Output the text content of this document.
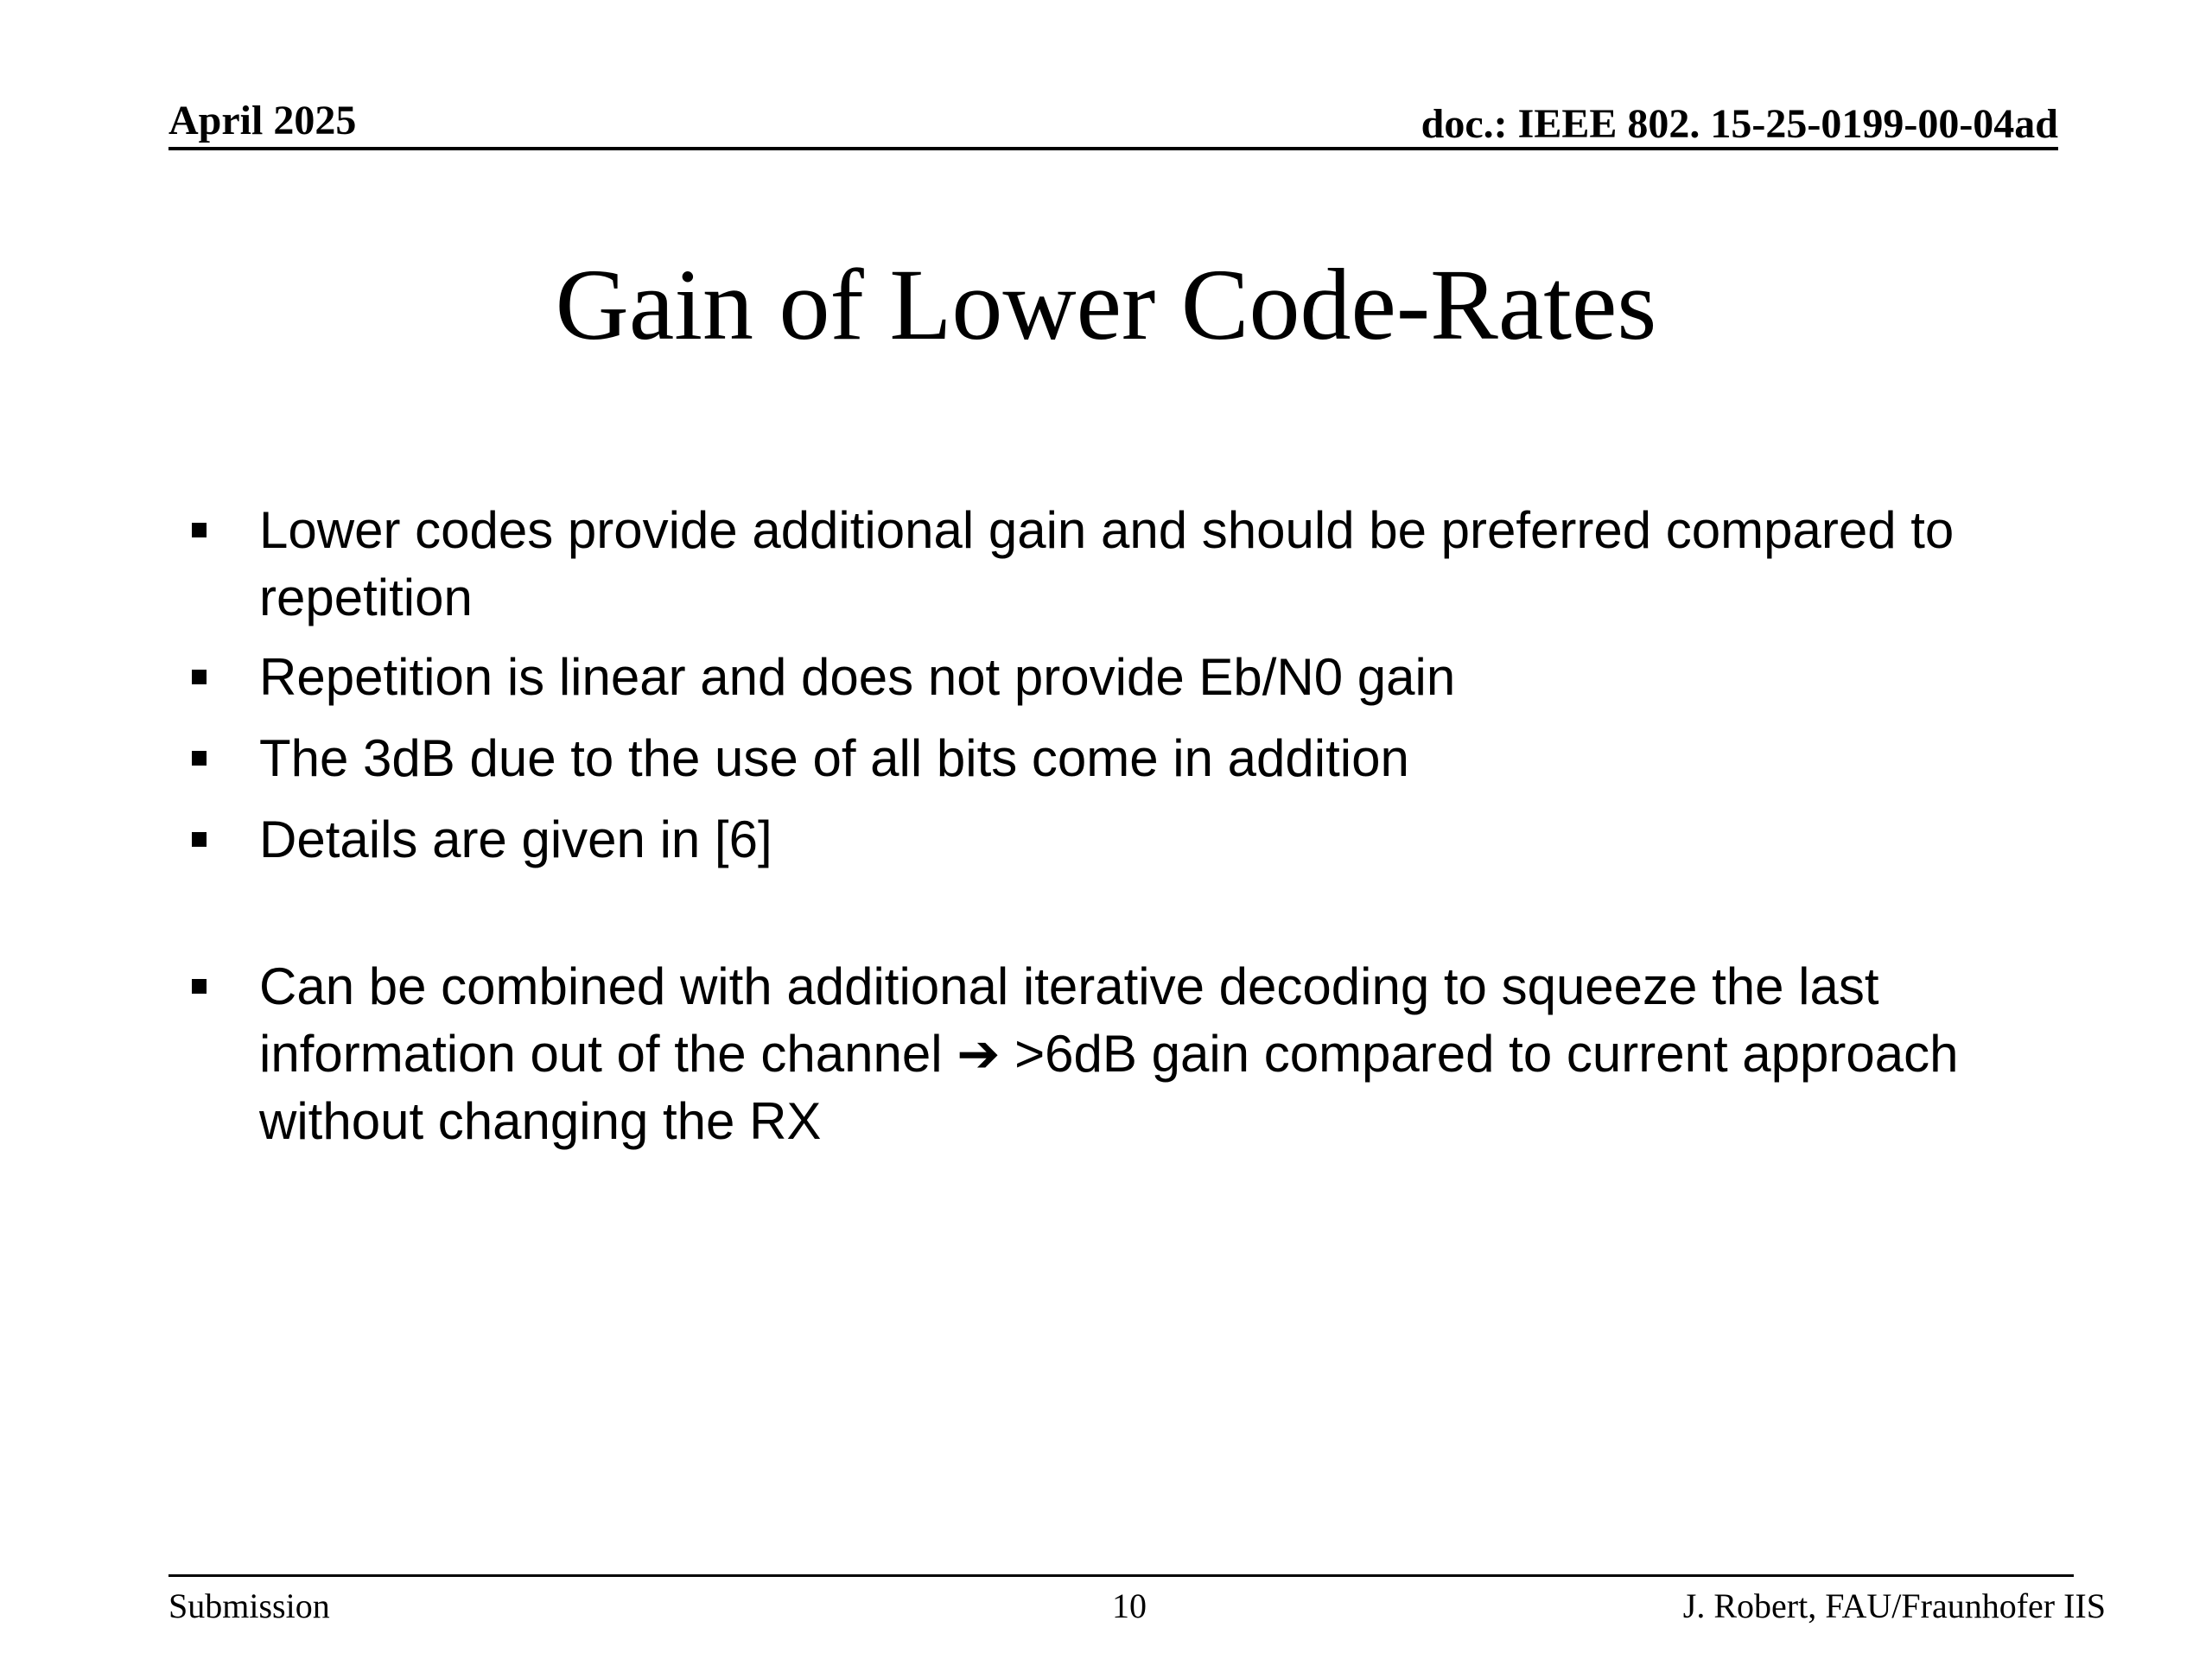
April 2025	doc.: IEEE 802. 15-25-0199-00-04ad
Gain of Lower Code-Rates
Lower codes provide additional gain and should be preferred compared to repetition
Repetition is linear and does not provide Eb/N0 gain
The 3dB due to the use of all bits come in addition
Details are given in [6]
Can be combined with additional iterative decoding to squeeze the last information out of the channel ➔ >6dB gain compared to current approach without changing the RX
Submission	10	J. Robert, FAU/Fraunhofer IIS
